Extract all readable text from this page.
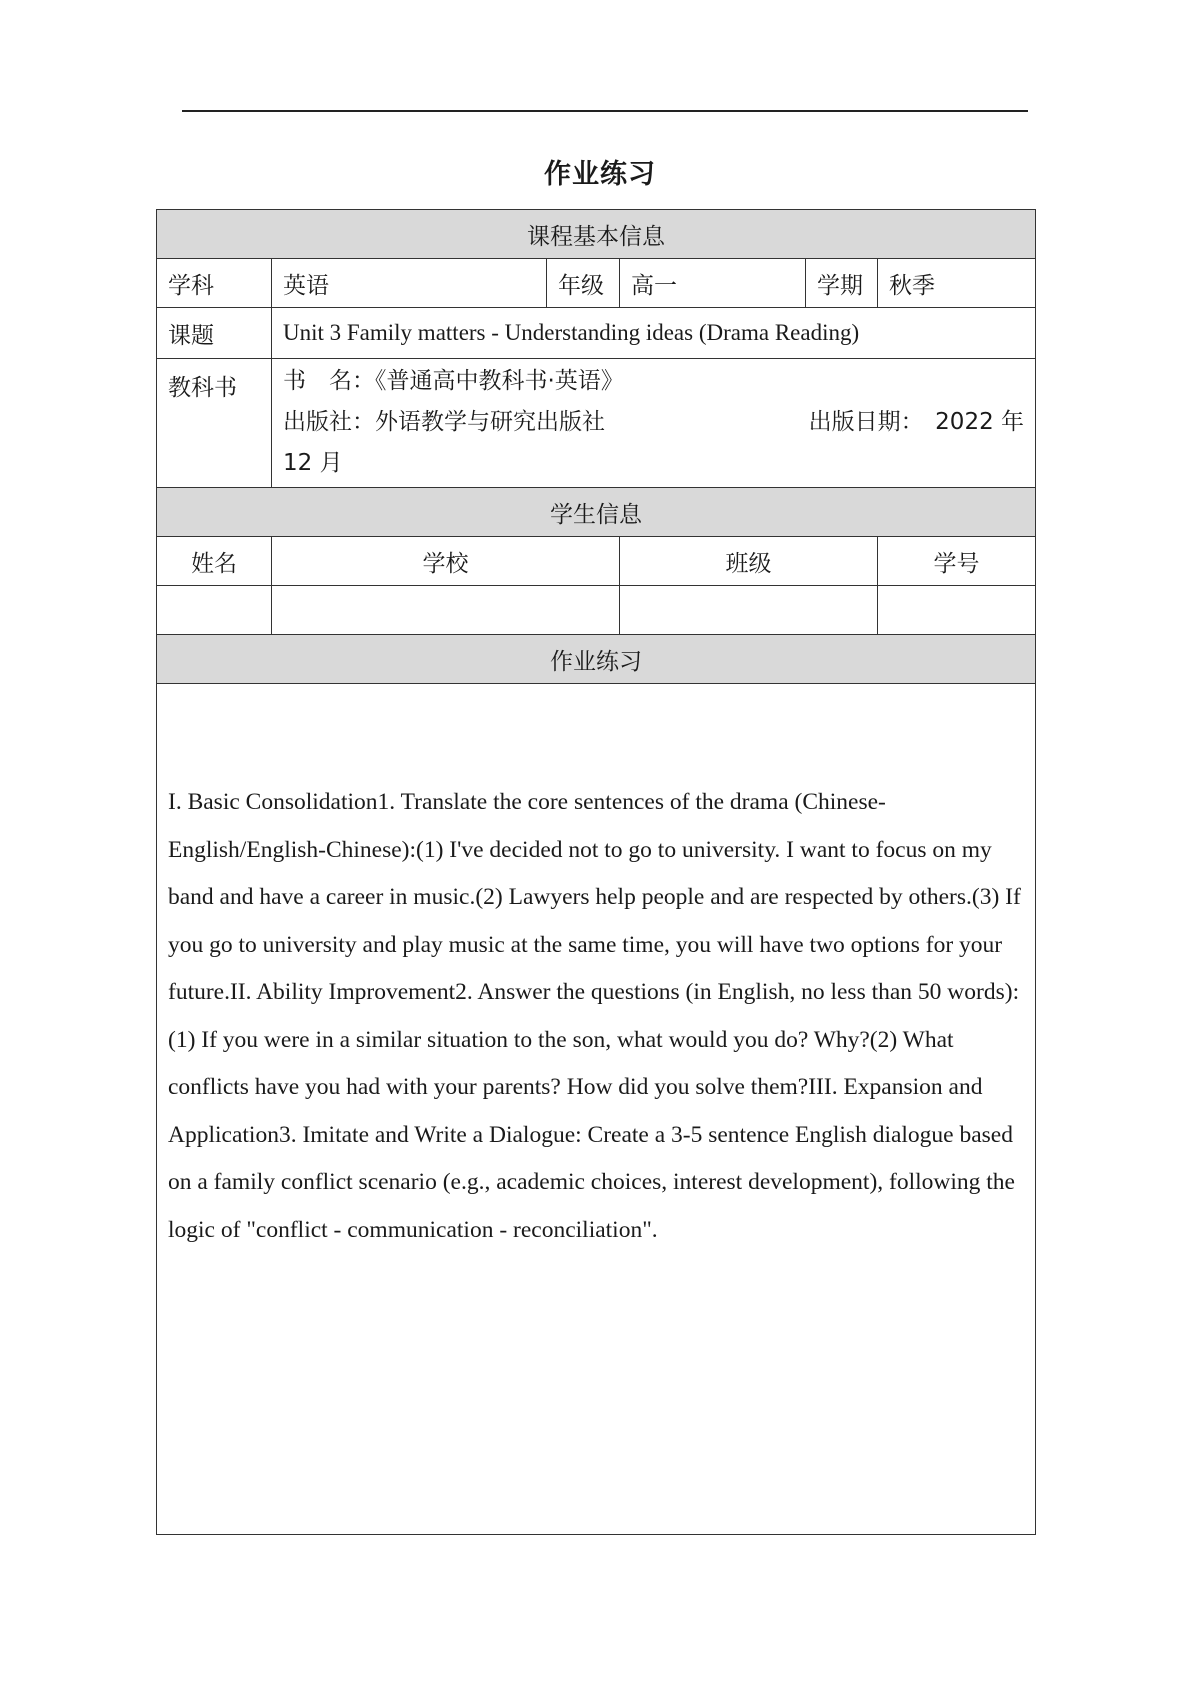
作业练习
课程基本信息					
学科	英语	年级	高一	学期	秋季
课题	Unit 3 Family matters - Understanding ideas (Drama Reading)				
教科书	书　名：《普通高中教科书·英语》
出版社：外语教学与研究出版社 出版日期：　2022 年
12 月				

学生信息					
姓名	学校		班级		学号

作业练习					

I. Basic Consolidation1. Translate the core sentences of the drama (Chinese-English/English-Chinese):(1) I've decided not to go to university. I want to focus on my band and have a career in music.(2) Lawyers help people and are respected by others.(3) If you go to university and play music at the same time, you will have two options for your future.II. Ability Improvement2. Answer the questions (in English, no less than 50 words):(1) If you were in a similar situation to the son, what would you do? Why?(2) What conflicts have you had with your parents? How did you solve them?III. Expansion and Application3. Imitate and Write a Dialogue: Create a 3-5 sentence English dialogue based on a family conflict scenario (e.g., academic choices, interest development), following the logic of "conflict - communication - reconciliation".					
